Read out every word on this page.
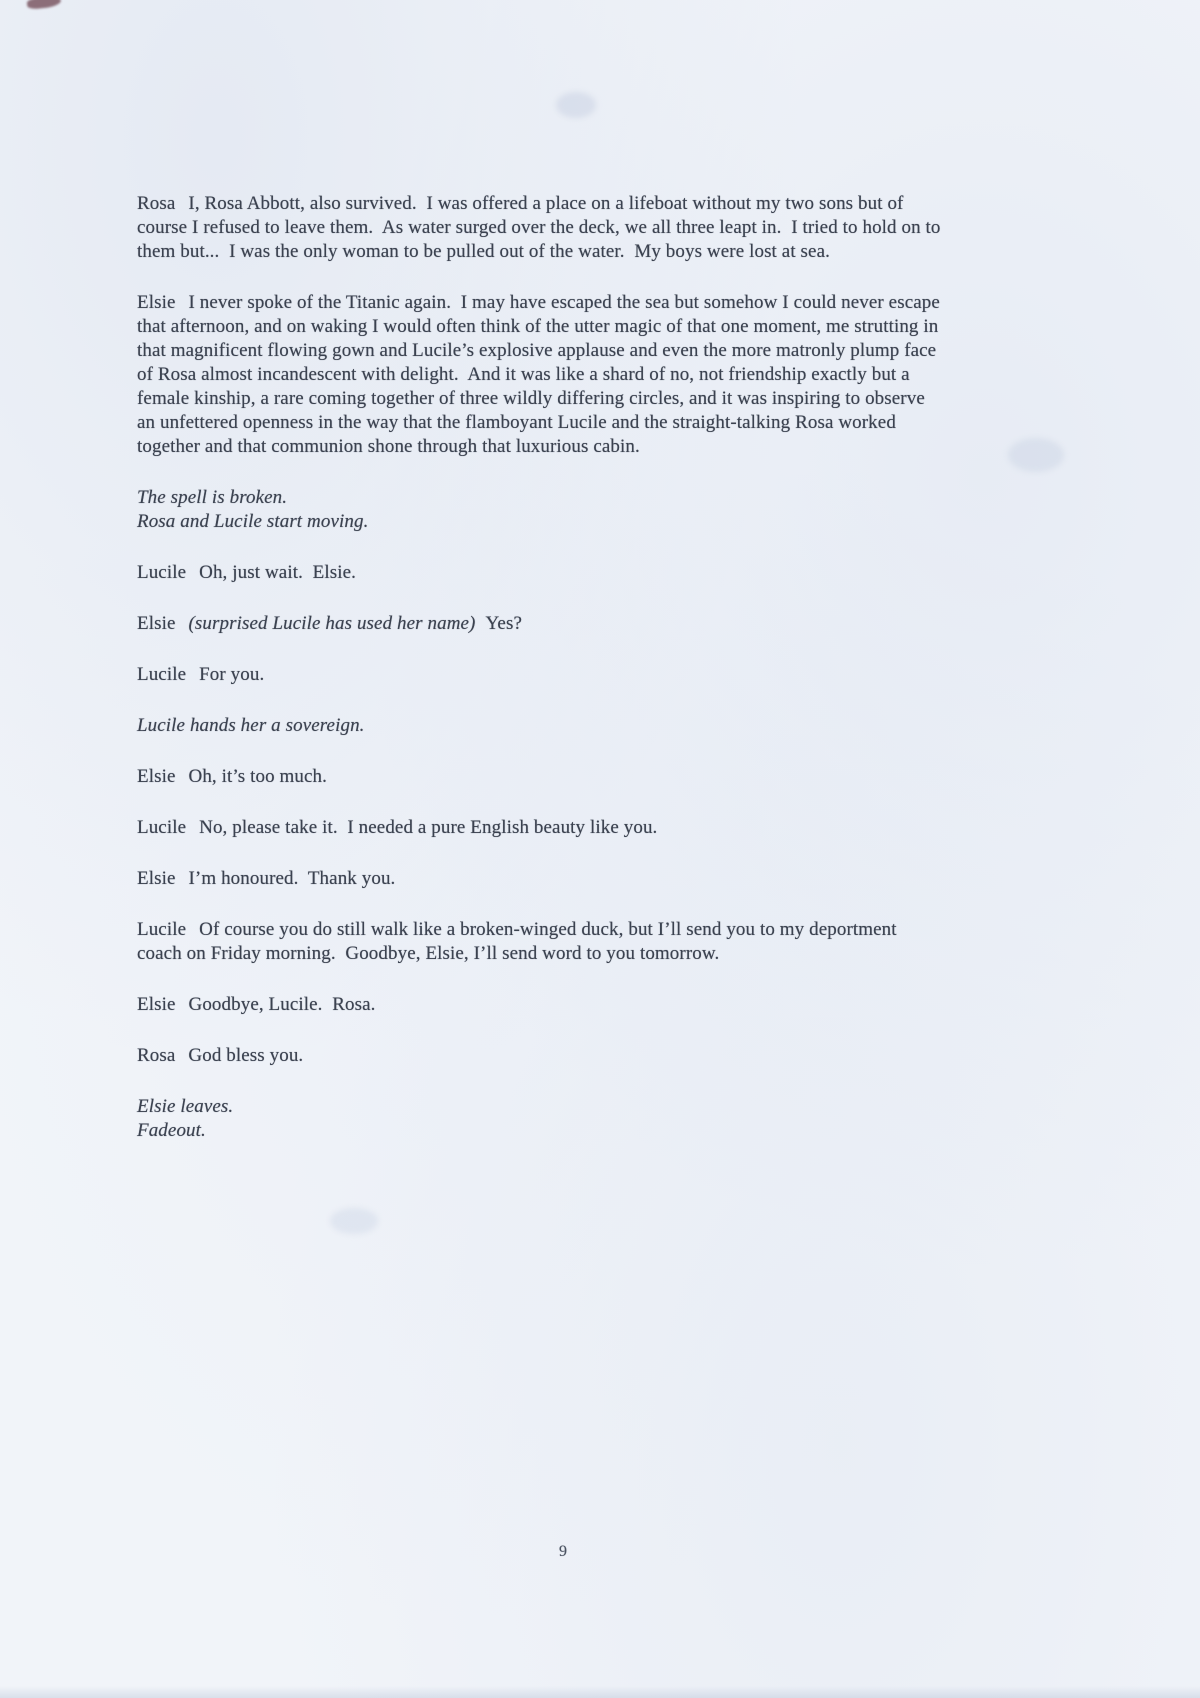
Rosa I, Rosa Abbott, also survived.  I was offered a place on a lifeboat without my two sons but of course I refused to leave them.  As water surged over the deck, we all three leapt in.  I tried to hold on to them but...  I was the only woman to be pulled out of the water.  My boys were lost at sea.

Elsie I never spoke of the Titanic again.  I may have escaped the sea but somehow I could never escape that afternoon, and on waking I would often think of the utter magic of that one moment, me strutting in that magnificent flowing gown and Lucile’s explosive applause and even the more matronly plump face of Rosa almost incandescent with delight.  And it was like a shard of no, not friendship exactly but a female kinship, a rare coming together of three wildly differing circles, and it was inspiring to observe an unfettered openness in the way that the flamboyant Lucile and the straight-talking Rosa worked together and that communion shone through that luxurious cabin.

The spell is broken.
Rosa and Lucile start moving.

Lucile Oh, just wait.  Elsie.

Elsie (surprised Lucile has used her name) Yes?

Lucile For you.

Lucile hands her a sovereign.

Elsie Oh, it’s too much.

Lucile No, please take it.  I needed a pure English beauty like you.

Elsie I’m honoured.  Thank you.

Lucile Of course you do still walk like a broken-winged duck, but I’ll send you to my deportment coach on Friday morning.  Goodbye, Elsie, I’ll send word to you tomorrow.

Elsie Goodbye, Lucile.  Rosa.

Rosa God bless you.

Elsie leaves.
Fadeout.

9
